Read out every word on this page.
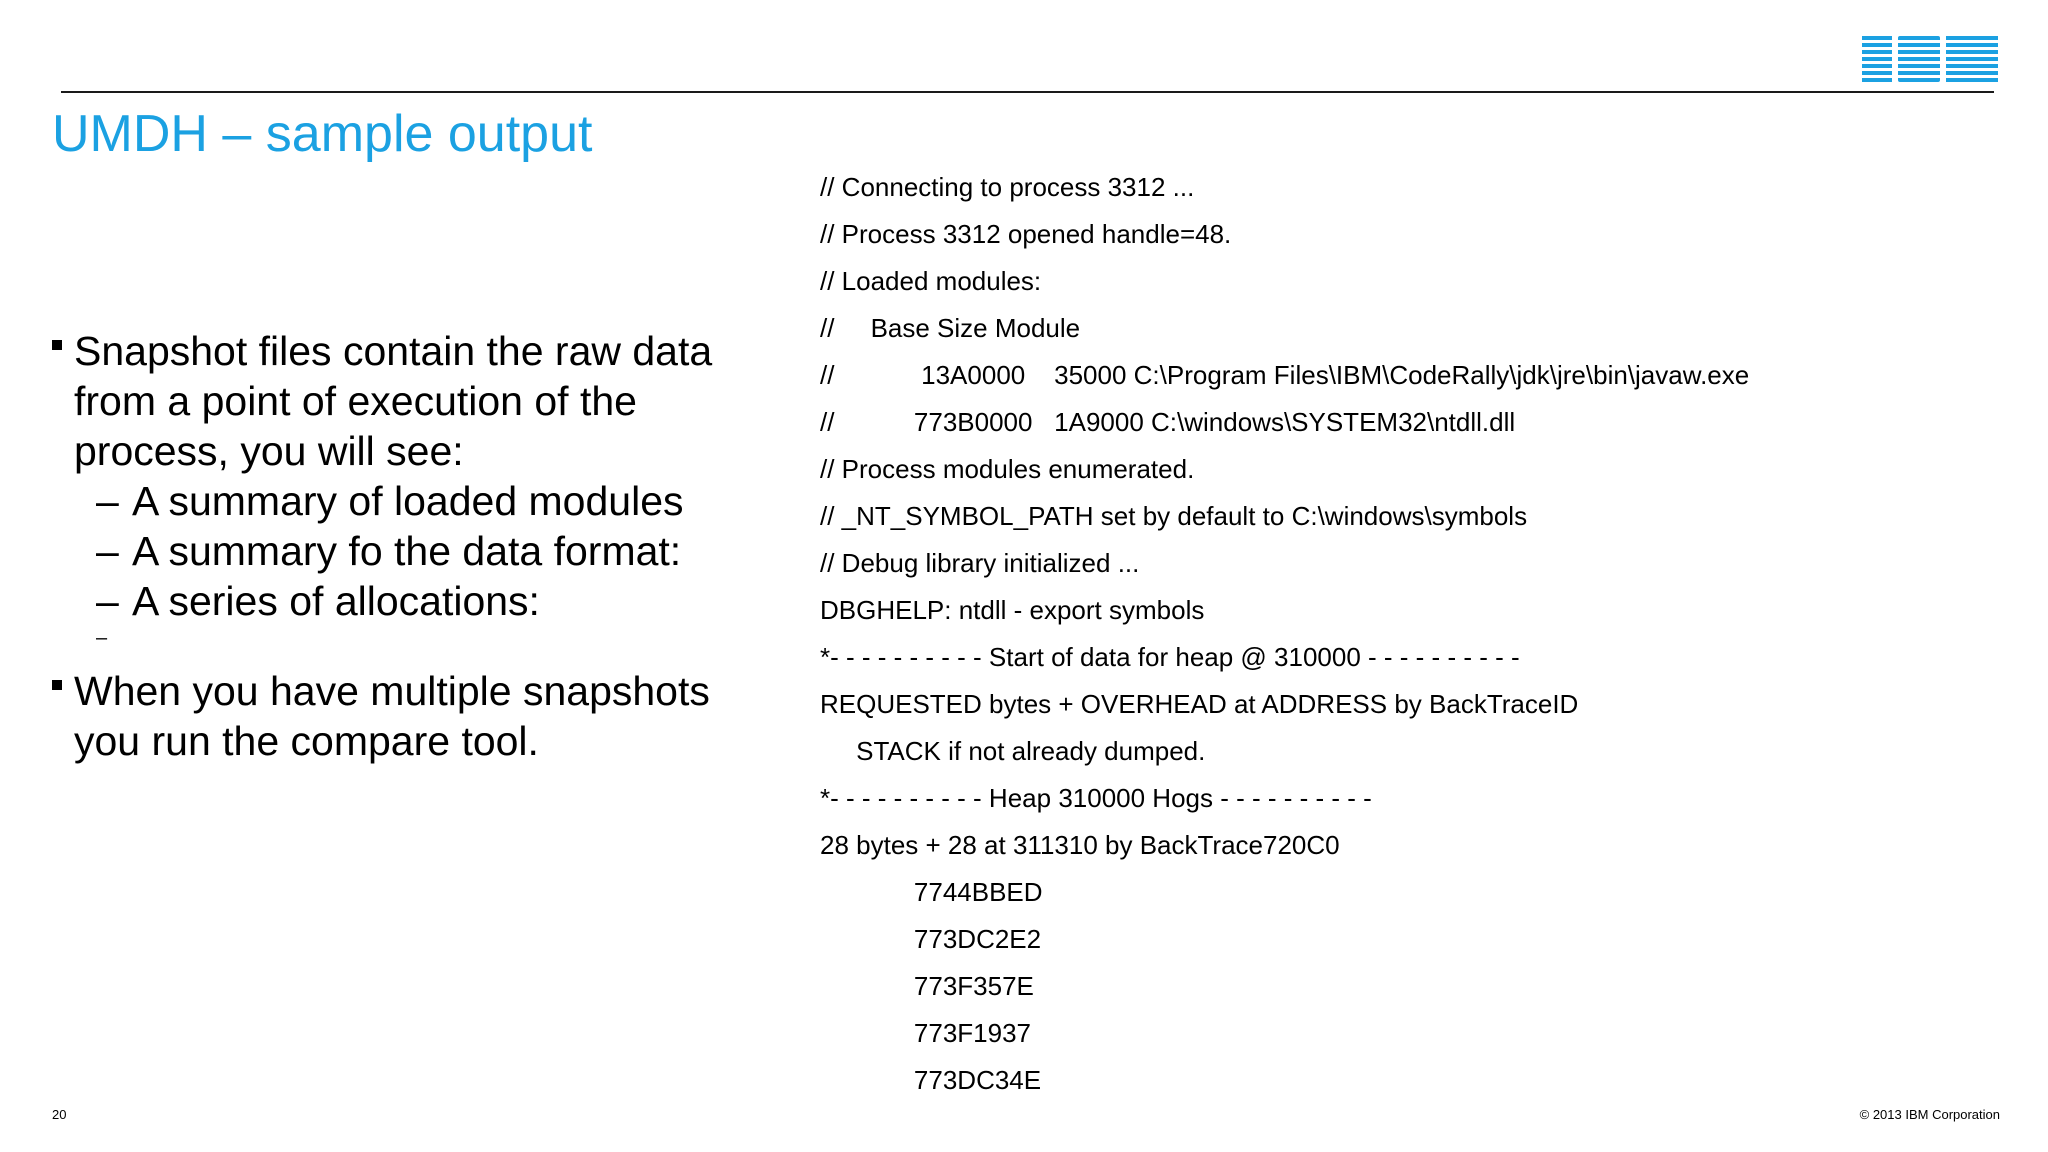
UMDH – sample output
Snapshot files contain the raw data from a point of execution of the process, you will see:
– A summary of loaded modules
– A summary fo the data format:
– A series of allocations:
–
When you have multiple snapshots you run the compare tool.
// Connecting to process 3312 ...
// Process 3312 opened handle=48.
// Loaded modules:
//     Base Size Module
//            13A0000    35000 C:\Program Files\IBM\CodeRally\jdk\jre\bin\javaw.exe
//           773B0000   1A9000 C:\windows\SYSTEM32\ntdll.dll
// Process modules enumerated.
// _NT_SYMBOL_PATH set by default to C:\windows\symbols
// Debug library initialized ...
DBGHELP: ntdll - export symbols
*- - - - - - - - - - Start of data for heap @ 310000 - - - - - - - - - -
REQUESTED bytes + OVERHEAD at ADDRESS by BackTraceID
STACK if not already dumped.
*- - - - - - - - - - Heap 310000 Hogs - - - - - - - - - -
28 bytes + 28 at 311310 by BackTrace720C0
7744BBED
773DC2E2
773F357E
773F1937
773DC34E
20	© 2013 IBM Corporation
